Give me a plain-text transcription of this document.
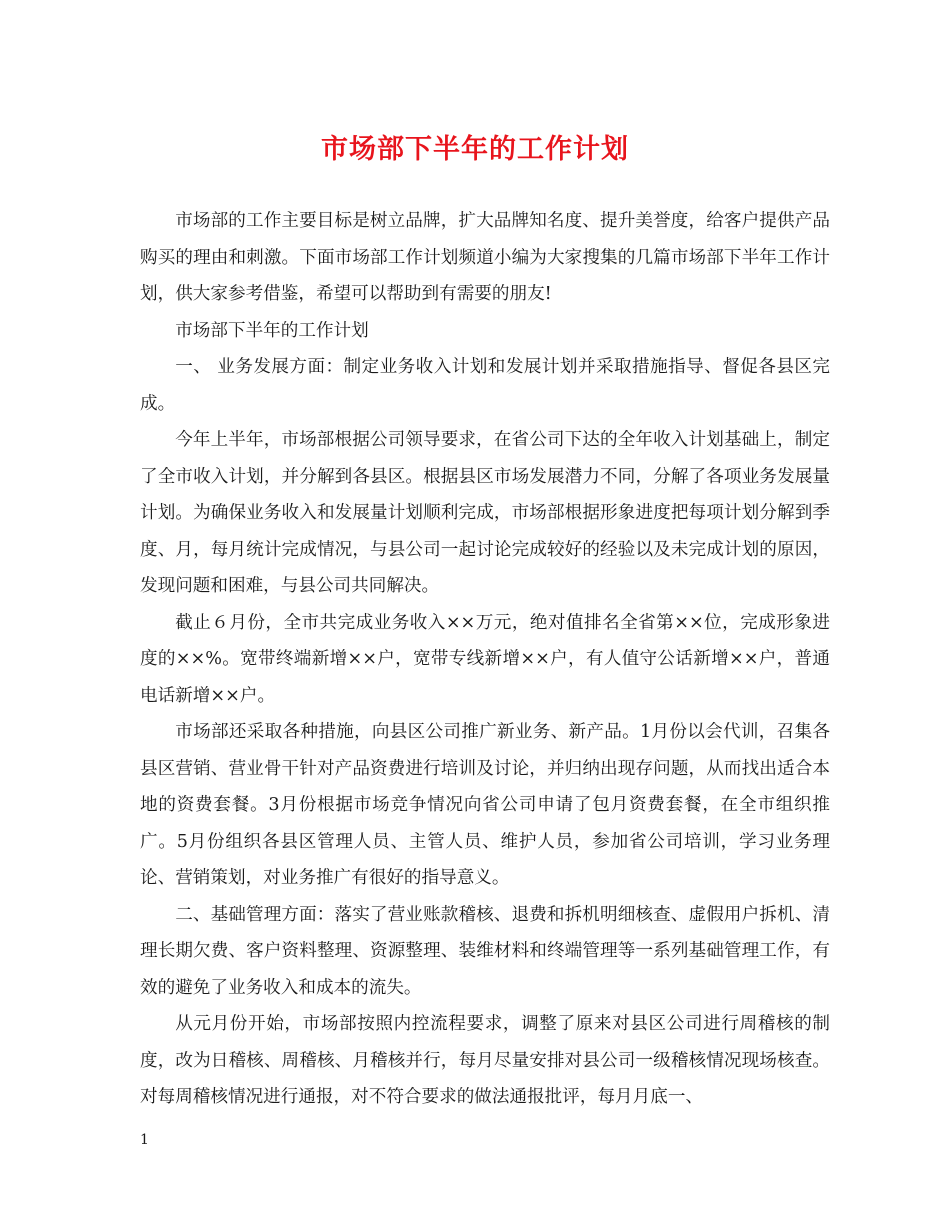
市场部下半年的工作计划

市场部的工作主要目标是树立品牌，扩大品牌知名度、提升美誉度，给客户提供产品购买的理由和刺激。下面市场部工作计划频道小编为大家搜集的几篇市场部下半年工作计划，供大家参考借鉴，希望可以帮助到有需要的朋友!

市场部下半年的工作计划

一、 业务发展方面：制定业务收入计划和发展计划并采取措施指导、督促各县区完成。

今年上半年，市场部根据公司领导要求，在省公司下达的全年收入计划基础上，制定了全市收入计划，并分解到各县区。根据县区市场发展潜力不同，分解了各项业务发展量计划。为确保业务收入和发展量计划顺利完成，市场部根据形象进度把每项计划分解到季度、月，每月统计完成情况，与县公司一起讨论完成较好的经验以及未完成计划的原因，发现问题和困难，与县公司共同解决。

截止６月份，全市共完成业务收入××万元，绝对值排名全省第××位，完成形象进度的××%。宽带终端新增××户，宽带专线新增××户，有人值守公话新增××户，普通电话新增××户。

市场部还采取各种措施，向县区公司推广新业务、新产品。1月份以会代训，召集各县区营销、营业骨干针对产品资费进行培训及讨论，并归纳出现存问题，从而找出适合本地的资费套餐。3月份根据市场竞争情况向省公司申请了包月资费套餐，在全市组织推广。5月份组织各县区管理人员、主管人员、维护人员，参加省公司培训，学习业务理论、营销策划，对业务推广有很好的指导意义。

二、基础管理方面：落实了营业账款稽核、退费和拆机明细核查、虚假用户拆机、清理长期欠费、客户资料整理、资源整理、装维材料和终端管理等一系列基础管理工作，有效的避免了业务收入和成本的流失。

从元月份开始，市场部按照内控流程要求，调整了原来对县区公司进行周稽核的制度，改为日稽核、周稽核、月稽核并行，每月尽量安排对县公司一级稽核情况现场核查。对每周稽核情况进行通报，对不符合要求的做法通报批评，每月月底一、

1
